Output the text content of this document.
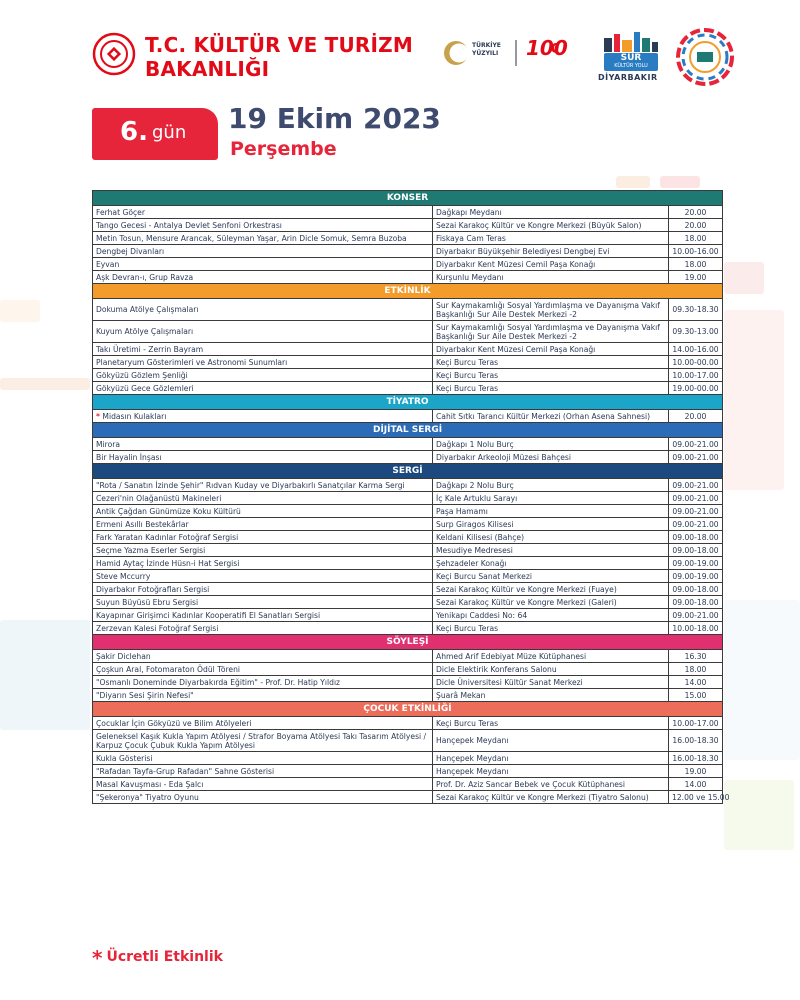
T.C. KÜLTÜR VE TURİZM
BAKANLIĞI
TÜRKİYE
YÜZYILI 100	SUR
KÜLTÜR YOLU
DİYARBAKIR
6. gün 19 Ekim 2023
Perşembe
KONSER		
Ferhat Göçer	Dağkapı Meydanı	20.00
Tango Gecesi - Antalya Devlet Senfoni Orkestrası	Sezai Karakoç Kültür ve Kongre Merkezi (Büyük Salon)	20.00
Metin Tosun, Mensure Arancak, Süleyman Yaşar, Arin Dicle Somuk, Semra Buzoba	Fiskaya Cam Teras	18.00
Dengbej Divanları	Diyarbakır Büyükşehir Belediyesi Dengbej Evi	10.00-16.00
Eyvan	Diyarbakır Kent Müzesi Cemil Paşa Konağı	18.00
Aşk Devran-ı, Grup Ravza	Kurşunlu Meydanı	19.00
ETKİNLİK		
Dokuma Atölye Çalışmaları	Sur Kaymakamlığı Sosyal Yardımlaşma ve Dayanışma Vakıf Başkanlığı Sur Aile Destek Merkezi -2	09.30-18.30
Kuyum Atölye Çalışmaları	Sur Kaymakamlığı Sosyal Yardımlaşma ve Dayanışma Vakıf Başkanlığı Sur Aile Destek Merkezi -2	09.30-13.00
Takı Üretimi - Zerrin Bayram	Diyarbakır Kent Müzesi Cemil Paşa Konağı	14.00-16.00
Planetaryum Gösterimleri ve Astronomi Sunumları	Keçi Burcu Teras	10.00-00.00
Gökyüzü Gözlem Şenliği	Keçi Burcu Teras	10.00-17.00
Gökyüzü Gece Gözlemleri	Keçi Burcu Teras	19.00-00.00
TİYATRO		
* Midasın Kulakları	Cahit Sıtkı Tarancı Kültür Merkezi (Orhan Asena Sahnesi)	20.00
DİJİTAL SERGİ		
Mirora	Dağkapı 1 Nolu Burç	09.00-21.00
Bir Hayalin İnşası	Diyarbakır Arkeoloji Müzesi Bahçesi	09.00-21.00
SERGİ		
"Rota / Sanatın İzinde Şehir" Rıdvan Kuday ve Diyarbakırlı Sanatçılar Karma Sergi	Dağkapı 2 Nolu Burç	09.00-21.00
Cezeri'nin Olağanüstü Makineleri	İç Kale Artuklu Sarayı	09.00-21.00
Antik Çağdan Günümüze Koku Kültürü	Paşa Hamamı	09.00-21.00
Ermeni Asıllı Bestekârlar	Surp Giragos Kilisesi	09.00-21.00
Fark Yaratan Kadınlar Fotoğraf Sergisi	Keldani Kilisesi (Bahçe)	09.00-18.00
Seçme Yazma Eserler Sergisi	Mesudiye Medresesi	09.00-18.00
Hamid Aytaç İzinde Hüsn-i Hat Sergisi	Şehzadeler Konağı	09.00-19.00
Steve Mccurry	Keçi Burcu Sanat Merkezi	09.00-19.00
Diyarbakır Fotoğrafları Sergisi	Sezai Karakoç Kültür ve Kongre Merkezi (Fuaye)	09.00-18.00
Suyun Büyüsü Ebru Sergisi	Sezai Karakoç Kültür ve Kongre Merkezi (Galeri)	09.00-18.00
Kayapınar Girişimci Kadınlar Kooperatifi El Sanatları Sergisi	Yenikapı Caddesi No: 64	09.00-21.00
Zerzevan Kalesi Fotoğraf Sergisi	Keçi Burcu Teras	10.00-18.00
SÖYLEŞİ		
Şakir Diclehan	Ahmed Arif Edebiyat Müze Kütüphanesi	16.30
Çoşkun Aral, Fotomaraton Ödül Töreni	Dicle Elektirik Konferans Salonu	18.00
"Osmanlı Doneminde Diyarbakırda Eğitim" - Prof. Dr. Hatip Yıldız	Dicle Üniversitesi Kültür Sanat Merkezi	14.00
"Diyarın Sesi Şirin Nefesi"	Şuarâ Mekan	15.00
ÇOCUK ETKİNLİĞİ		
Çocuklar İçin Gökyüzü ve Bilim Atölyeleri	Keçi Burcu Teras	10.00-17.00
Geleneksel Kaşık Kukla Yapım Atölyesi / Strafor Boyama Atölyesi Takı Tasarım Atölyesi / Karpuz Çocuk Çubuk Kukla Yapım Atölyesi	Hançepek Meydanı	16.00-18.30
Kukla Gösterisi	Hançepek Meydanı	16.00-18.30
"Rafadan Tayfa-Grup Rafadan" Sahne Gösterisi	Hançepek Meydanı	19.00
Masal Kavuşması - Eda Şalcı	Prof. Dr. Aziz Sancar Bebek ve Çocuk Kütüphanesi	14.00
"Şekeronya" Tiyatro Oyunu	Sezai Karakoç Kültür ve Kongre Merkezi (Tiyatro Salonu)	12.00 ve 15.00
* Ücretli Etkinlik
